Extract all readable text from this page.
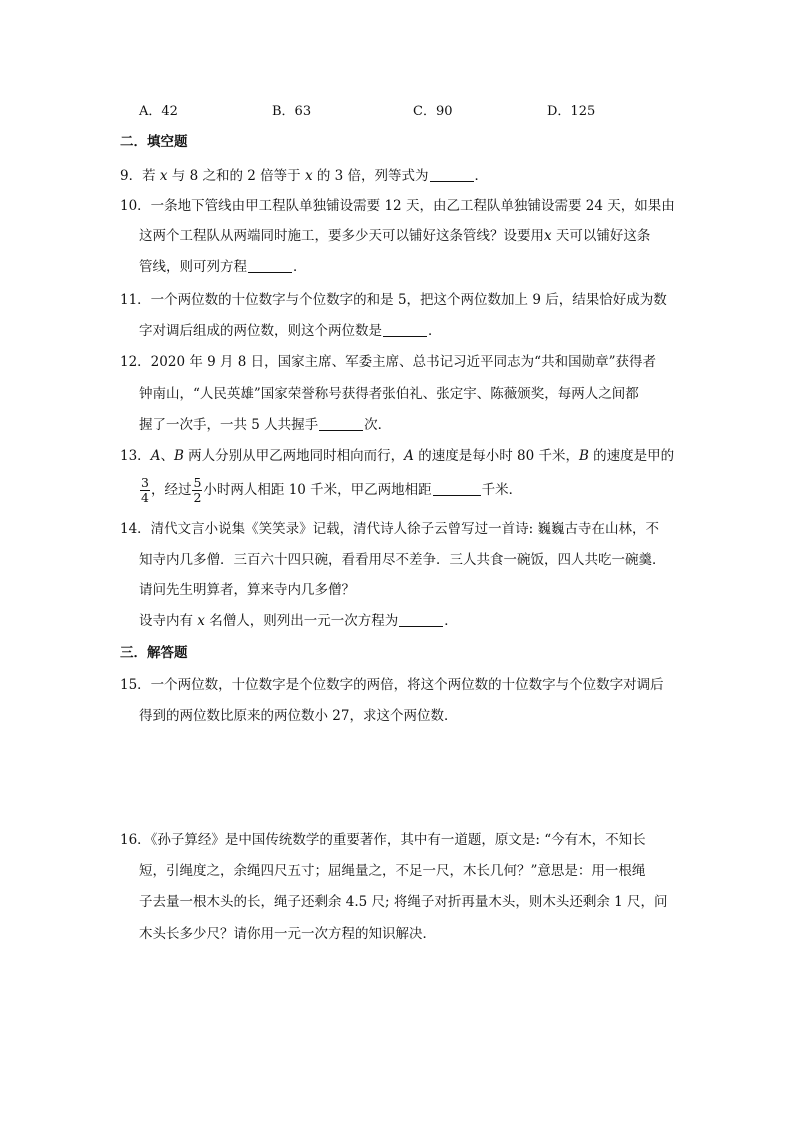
A．42	B．63	C．90	D．125
二．填空题
9．若 x 与 8 之和的 2 倍等于 x 的 3 倍，列等式为	．
10．一条地下管线由甲工程队单独铺设需要 12 天，由乙工程队单独铺设需要 24 天，如果由
这两个工程队从两端同时施工，要多少天可以铺好这条管线？设要用x 天可以铺好这条
管线，则可列方程	．
11．一个两位数的十位数字与个位数字的和是 5，把这个两位数加上 9 后，结果恰好成为数
字对调后组成的两位数，则这个两位数是	．
12．2020 年 9 月 8 日，国家主席、军委主席、总书记习近平同志为“共和国勋章”获得者
钟南山，“人民英雄”国家荣誉称号获得者张伯礼、张定宇、陈薇颁奖，每两人之间都
握了一次手，一共 5 人共握手	次．
13．A、B 两人分别从甲乙两地同时相向而行，A 的速度是每小时 80 千米，B 的速度是甲的
$\frac{3}{4}$ ，经过 $\frac{5}{2}$ 小时两人相距 10 千米，甲乙两地相距	千米．
14．清代文言小说集《笑笑录》记载，清代诗人徐子云曾写过一首诗: 巍巍古寺在山林，不
知寺内几多僧．三百六十四只碗，看看用尽不差争．三人共食一碗饭，四人共吃一碗羹．
请问先生明算者，算来寺内几多僧？
设寺内有 x 名僧人，则列出一元一次方程为	．
三．解答题
15．一个两位数，十位数字是个位数字的两倍，将这个两位数的十位数字与个位数字对调后
得到的两位数比原来的两位数小 27，求这个两位数．
16．《孙子算经》是中国传统数学的重要著作，其中有一道题，原文是: “今有木，不知长
短，引绳度之，余绳四尺五寸；屈绳量之，不足一尺，木长几何？”意思是：用一根绳
子去量一根木头的长，绳子还剩余 4.5 尺; 将绳子对折再量木头，则木头还剩余 1 尺，问
木头长多少尺？请你用一元一次方程的知识解决．
